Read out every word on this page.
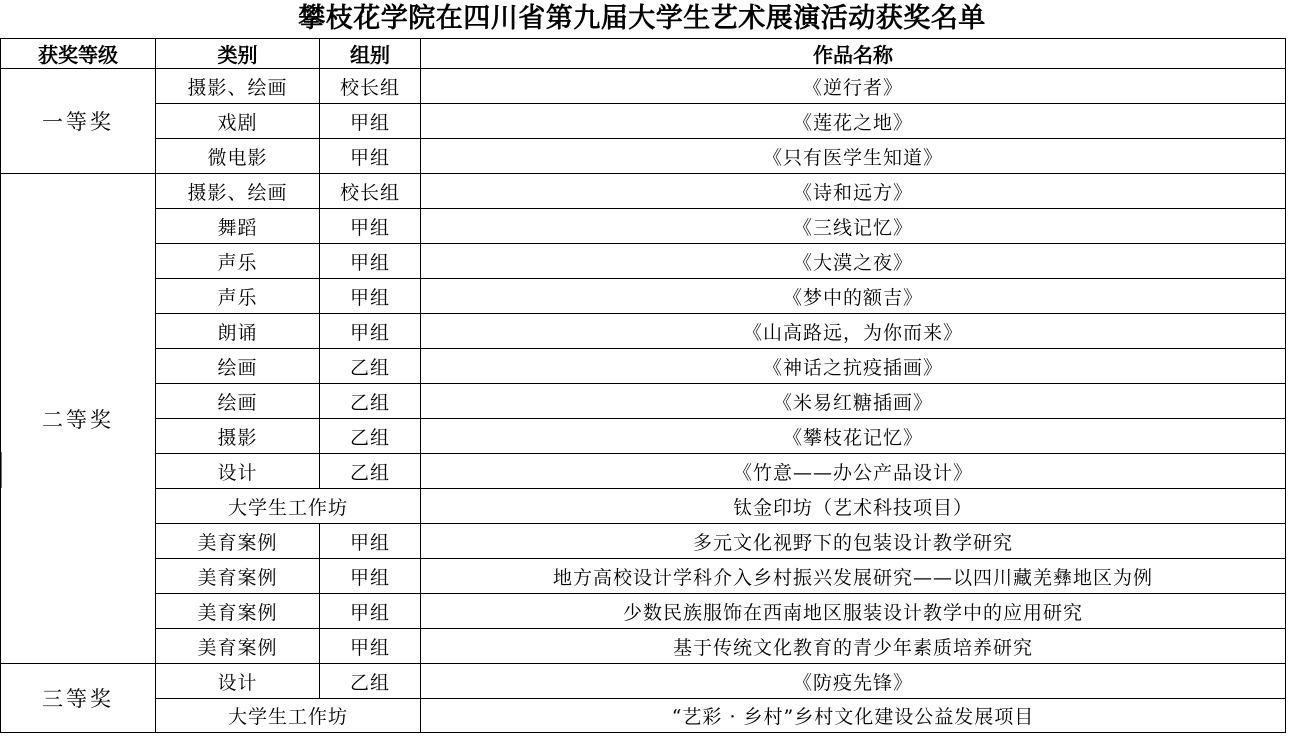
攀枝花学院在四川省第九届大学生艺术展演活动获奖名单
获奖等级	类别	组别	作品名称
一等奖	摄影、绘画	校长组	《逆行者》
	戏剧	甲组	《莲花之地》
	微电影	甲组	《只有医学生知道》
二等奖	摄影、绘画	校长组	《诗和远方》
	舞蹈	甲组	《三线记忆》
	声乐	甲组	《大漠之夜》
	声乐	甲组	《梦中的额吉》
	朗诵	甲组	《山高路远，为你而来》
	绘画	乙组	《神话之抗疫插画》
	绘画	乙组	《米易红糖插画》
	摄影	乙组	《攀枝花记忆》
	设计	乙组	《竹意——办公产品设计》
	大学生工作坊		钛金印坊（艺术科技项目）
	美育案例	甲组	多元文化视野下的包装设计教学研究
	美育案例	甲组	地方高校设计学科介入乡村振兴发展研究——以四川藏羌彝地区为例
	美育案例	甲组	少数民族服饰在西南地区服装设计教学中的应用研究
	美育案例	甲组	基于传统文化教育的青少年素质培养研究
三等奖	设计	乙组	《防疫先锋》
	大学生工作坊		“艺彩 · 乡村”乡村文化建设公益发展项目
